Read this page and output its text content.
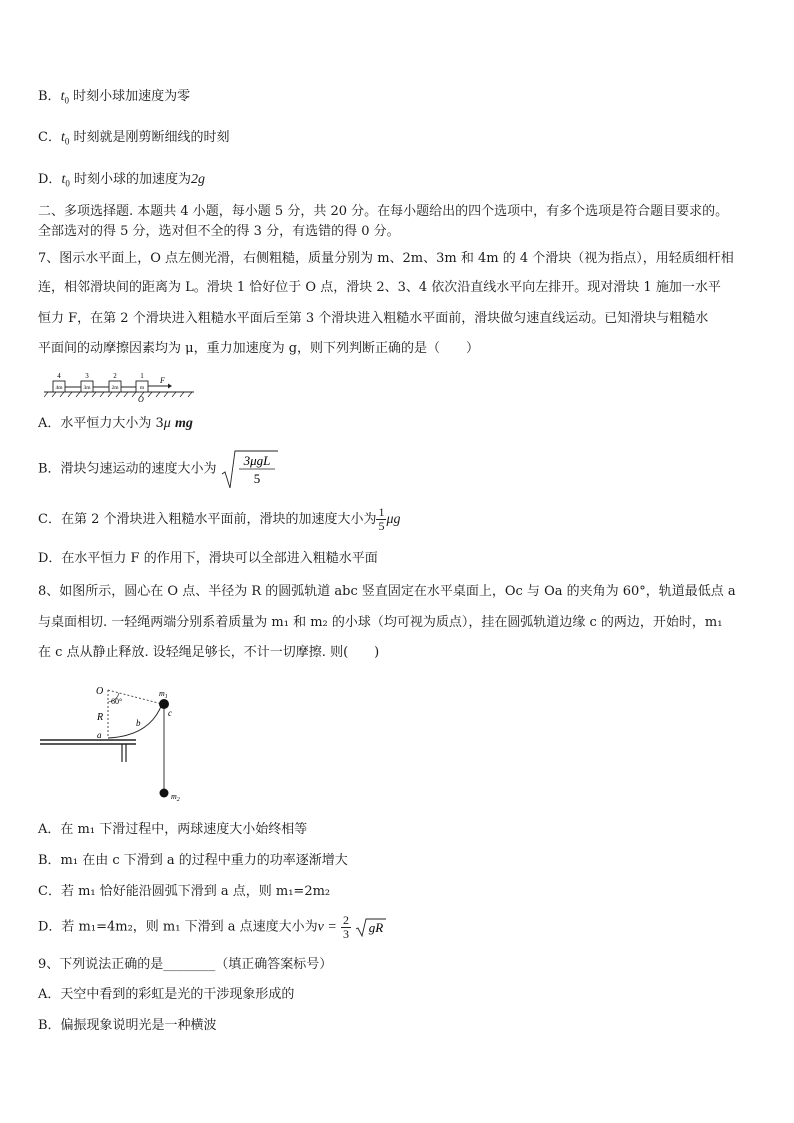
B．$t_0$ 时刻小球加速度为零
C．$t_0$ 时刻就是刚剪断细线的时刻
D．$t_0$ 时刻小球的加速度为2g
二、多项选择题. 本题共 4 小题，每小题 5 分，共 20 分。在每小题给出的四个选项中，有多个选项是符合题目要求的。
全部选对的得 5 分，选对但不全的得 3 分，有选错的得 0 分。
7、图示水平面上，O 点左侧光滑，右侧粗糙，质量分别为 m、2m、3m 和 4m 的 4 个滑块（视为指点），用轻质细杆相
连，相邻滑块间的距离为 L。滑块 1 恰好位于 O 点，滑块 2、3、4 依次沿直线水平向左排开。现对滑块 1 施加一水平
恒力 F，在第 2 个滑块进入粗糙水平面后至第 3 个滑块进入粗糙水平面前，滑块做匀速直线运动。已知滑块与粗糙水
平面间的动摩擦因素均为 μ，重力加速度为 g，则下列判断正确的是（　　）
4m	3m	2m	m
4	3	2	1 F
O
A．水平恒力大小为 3μ mg
B．滑块匀速运动的速度大小为
3μgL
5
C．在第 2 个滑块进入粗糙水平面前，滑块的加速度大小为 $\frac{1}{5}$ μg
D．在水平恒力 F 的作用下，滑块可以全部进入粗糙水平面
8、如图所示，圆心在 O 点、半径为 R 的圆弧轨道 abc 竖直固定在水平桌面上，Oc 与 Oa 的夹角为 60°，轨道最低点 a
与桌面相切. 一轻绳两端分别系着质量为 m₁ 和 m₂ 的小球（均可视为质点），挂在圆弧轨道边缘 c 的两边，开始时，m₁
在 c 点从静止释放. 设轻绳足够长，不计一切摩擦. 则(　　)
O
60°
R
a
b
c
$m_1$
$m_2$
A．在 m₁ 下滑过程中，两球速度大小始终相等
B．m₁ 在由 c 下滑到 a 的过程中重力的功率逐渐增大
C．若 m₁ 恰好能沿圆弧下滑到 a 点，则 m₁=2m₂
D．若 m₁=4m₂，则 m₁ 下滑到 a 点速度大小为$v = \frac{2}{3}$
gR
9、下列说法正确的是________（填正确答案标号）
A．天空中看到的彩虹是光的干涉现象形成的
B．偏振现象说明光是一种横波
